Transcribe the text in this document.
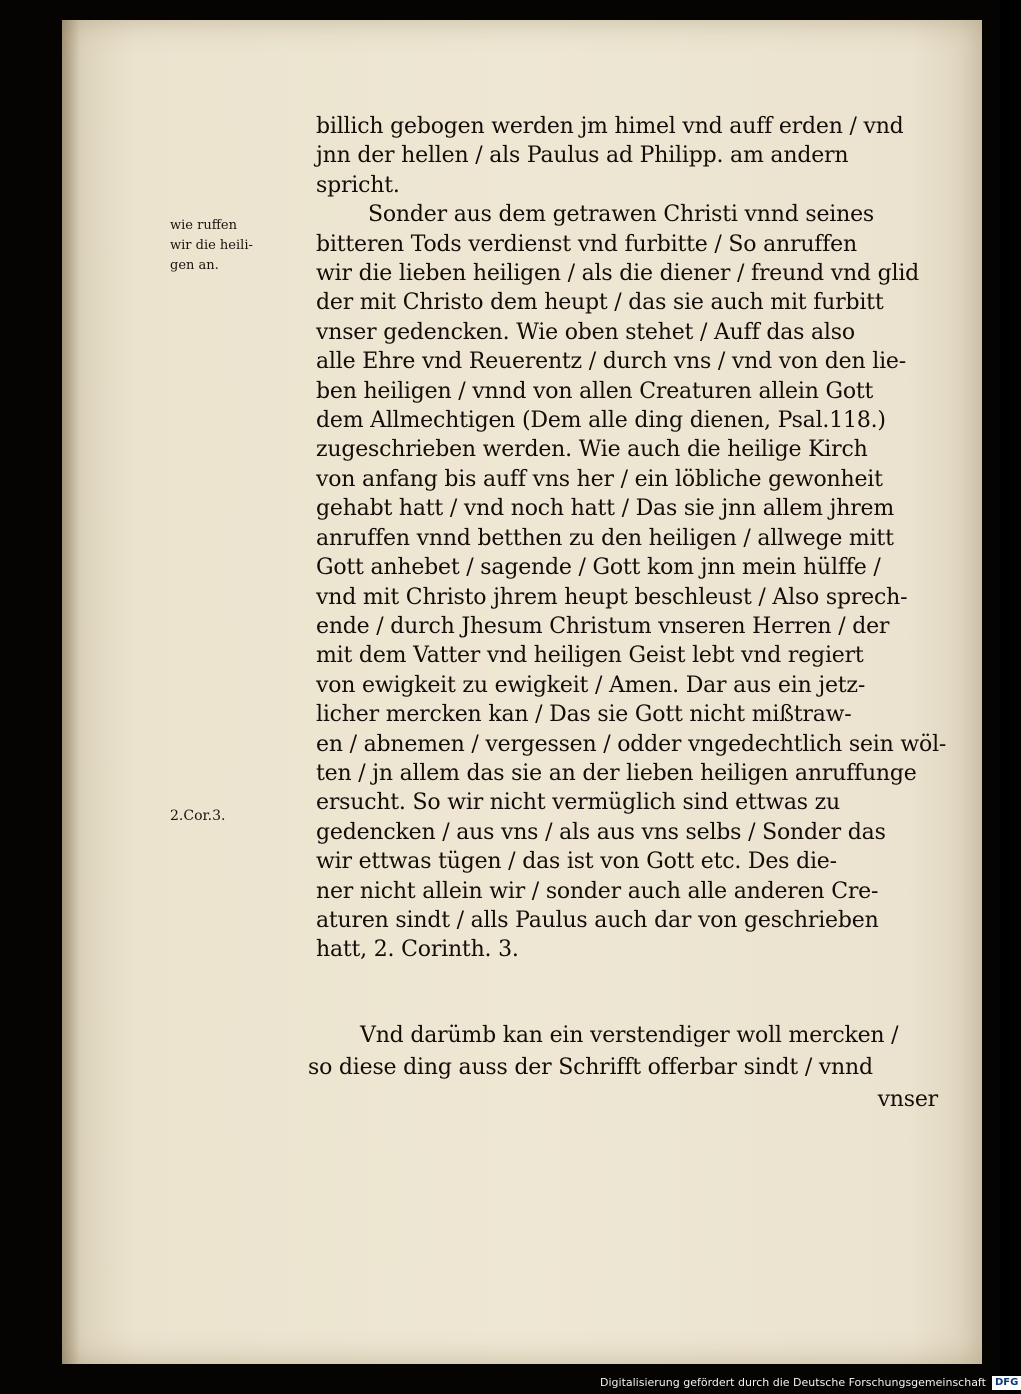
wie ruffen
wir die heili-
gen an.
2.Cor.3.
billich gebogen werden jm himel vnd auff erden / vnd
jnn der hellen / als Paulus ad Philipp. am andern
spricht.
Sonder aus dem getrawen Christi vnnd seines
bitteren Tods verdienst vnd furbitte / So anruffen
wir die lieben heiligen / als die diener / freund vnd glid
der mit Christo dem heupt / das sie auch mit furbitt
vnser gedencken. Wie oben stehet / Auff das also
alle Ehre vnd Reuerentz / durch vns / vnd von den lie-
ben heiligen / vnnd von allen Creaturen allein Gott
dem Allmechtigen (Dem alle ding dienen, Psal.118.)
zugeschrieben werden. Wie auch die heilige Kirch
von anfang bis auff vns her / ein löbliche gewonheit
gehabt hatt / vnd noch hatt / Das sie jnn allem jhrem
anruffen vnnd betthen zu den heiligen / allwege mitt
Gott anhebet / sagende / Gott kom jnn mein hülffe /
vnd mit Christo jhrem heupt beschleust / Also sprech-
ende / durch Jhesum Christum vnseren Herren / der
mit dem Vatter vnd heiligen Geist lebt vnd regiert
von ewigkeit zu ewigkeit / Amen. Dar aus ein jetz-
licher mercken kan / Das sie Gott nicht mißtraw-
en / abnemen / vergessen / odder vngedechtlich sein wöl-
ten / jn allem das sie an der lieben heiligen anruffunge
ersucht. So wir nicht vermüglich sind ettwas zu
gedencken / aus vns / als aus vns selbs / Sonder das
wir ettwas tügen / das ist von Gott etc. Des die-
ner nicht allein wir / sonder auch alle anderen Cre-
aturen sindt / alls Paulus auch dar von geschrieben
hatt, 2. Corinth. 3.
Vnd darümb kan ein verstendiger woll mercken /
so diese ding auss der Schrifft offerbar sindt / vnnd
vnser
Digitalisierung gefördert durch die Deutsche Forschungsgemeinschaft DFG
